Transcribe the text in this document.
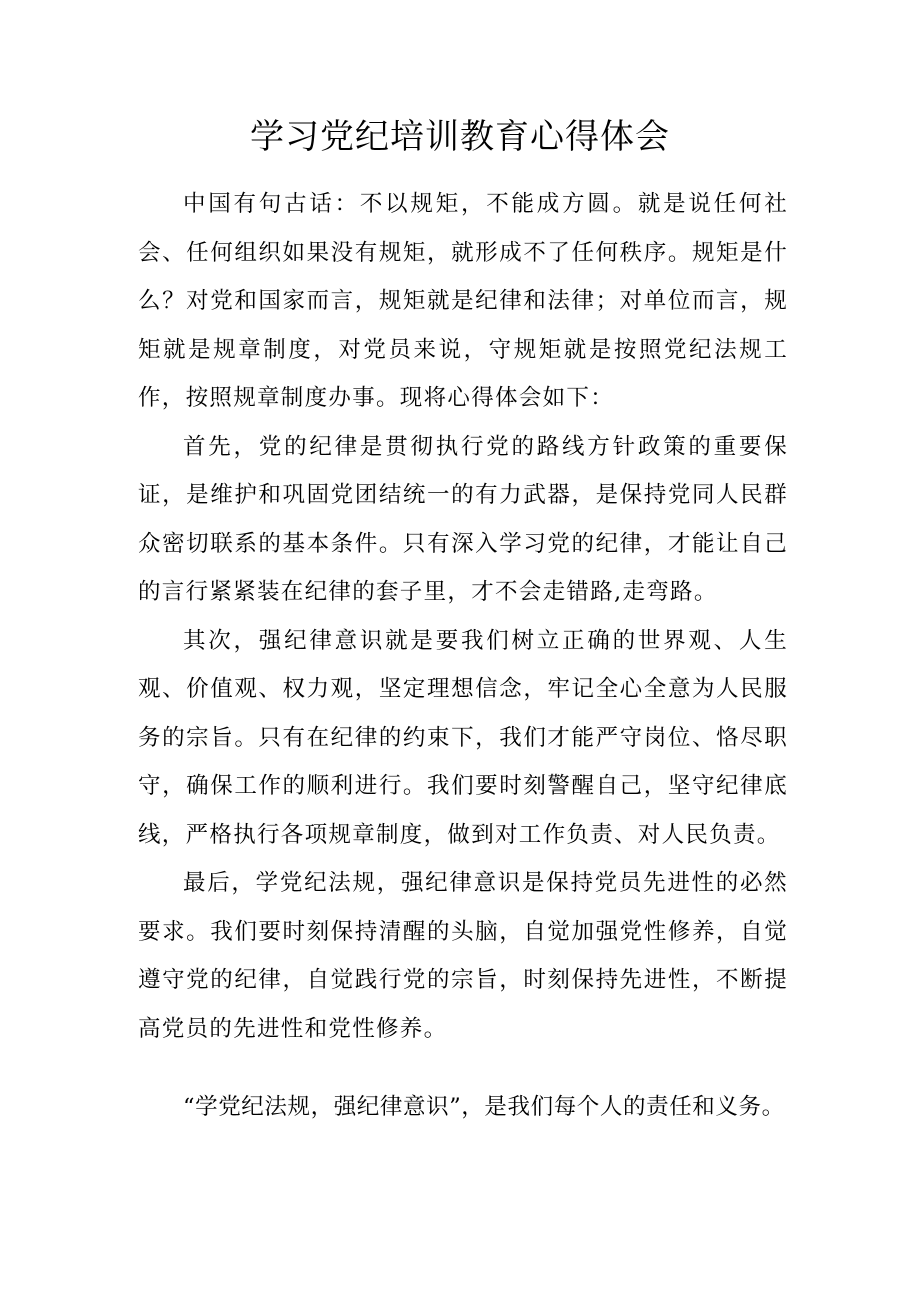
学习党纪培训教育心得体会

中国有句古话：不以规矩，不能成方圆。就是说任何社会、任何组织如果没有规矩，就形成不了任何秩序。规矩是什么？对党和国家而言，规矩就是纪律和法律；对单位而言，规矩就是规章制度，对党员来说，守规矩就是按照党纪法规工作，按照规章制度办事。现将心得体会如下：

首先，党的纪律是贯彻执行党的路线方针政策的重要保证，是维护和巩固党团结统一的有力武器，是保持党同人民群众密切联系的基本条件。只有深入学习党的纪律，才能让自己的言行紧紧装在纪律的套子里，才不会走错路,走弯路。

其次，强纪律意识就是要我们树立正确的世界观、人生观、价值观、权力观，坚定理想信念，牢记全心全意为人民服务的宗旨。只有在纪律的约束下，我们才能严守岗位、恪尽职守，确保工作的顺利进行。我们要时刻警醒自己，坚守纪律底线，严格执行各项规章制度，做到对工作负责、对人民负责。

最后，学党纪法规，强纪律意识是保持党员先进性的必然要求。我们要时刻保持清醒的头脑，自觉加强党性修养，自觉遵守党的纪律，自觉践行党的宗旨，时刻保持先进性，不断提高党员的先进性和党性修养。

“学党纪法规，强纪律意识”，是我们每个人的责任和义务。
